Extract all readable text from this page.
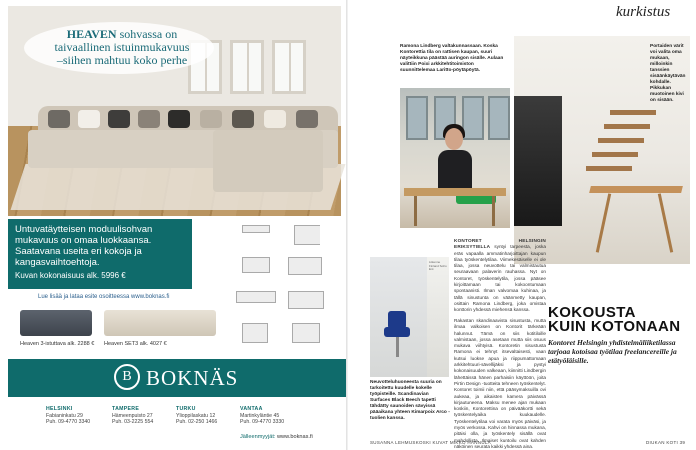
HEAVEN sohvassa on
taivaallinen istuinmukavuus
–siihen mahtuu koko perhe

Untuvatäytteisen moduulisohvan mukavuus on omaa luokkaansa. Saatavana useita eri kokoja ja kangasvaihtoehtoja.

Kuvan kokonaisuus alk. 5996 €

Lue lisää ja lataa esite osoitteessa www.boknas.fi
Heaven 3-istuttava alk. 2288 € Heaven SET3 alk. 4027 €
B BOKNÄS
HELSINKI
Fabianinkatu 29
Puh. 09-4770 3340
TAMPERE
Hämeenpuisto 27
Puh. 03-2225 554
TURKU
Ylioppilaskatu 12
Puh. 02-250 1466
VANTAA
Martinkyläntie 45
Puh. 09-4770 3330
Jälleenmyyjät: www.boknas.fi
kurkistus
Ramona Lindberg valtakunnassaan. Koska Kontorettia tila on rattisen kaupan, suuri näyteikkuna päästää auringon sisälle. Aulaan valittiin Poixi arkkitehtitoimiston suunnittelemaa Laritto-pöytäpöytä.
Portaiden värit voi valita oma mukaan, milloinkin tanssien sisäänkäytävän kohdalle. Pikkukan muotoinen kivi on sisään.
Liikenne Finland SoFo Ent
Neuvotteluhuoneesta suuria on tarkoitettu kuudelle kokelle työpisteille. Scandinavian Surfaces Black Beech tapetti tähdätty saunoiden sävyissä pääaikana yhteen Kimarpoix Arco -tuolien kanssa.
KONTORET HELSINGIN ERIKSYTIELLA syntyi tarpeesta, joska eräs vapaalla ammatinharjoittajan kaupun tilaa työskentelytilaa. Viimekesäiselle ei ole tilaa, jossa neuvottelu tai valmistautua seuraavaan palaverin rauhassa. Nyt on Kontoret, työskentelytila, jossa pääsee kirjoittamaan tai kokoontumaan spontaanisti. Ilman valvomaa kuhinaa, ja tällä sinustunta on väänmetty kaupan, osittain Ramona Lindberg, joka omistaa konttorin yhdessä miehensä kanssa.
Rakastan skandinaavista sisustusta, mutta ilmaa valkoisen on Kontorit tärkeään halunnut. Tämä on siis kotitiloille valmistaan, jossa asetaan mutta siis osuus mukava viihtyisä. Kontoretin sisustusta Ramona ei tehnyt itsevaltaisesti, vaan kutsui luokse apua ja riippumattomaan arkkitehtuuri-sävellijäksi ja pystyi kokonaisuuden valkeaan, kiinnitti Lindbergin lähettäissä hänen parhaisiin käyttöön, joita Pirtin Design -tuotteita tehneen työskentelyt. Kontoret toimii niin, että pääsymaksuilla ovi aukeaa, ja aikaisten kamera päivässä kirjautuneena. Maksu menee ajan mukaan koskiin, Kontorettina on päivääkortti sekä työskentelyaika kuukaudelle. Työskentelytilaa voi varata myös päiväsi, ja myös verkossa. Kahvi on hinnassa mukana, pitäisi olla, ja työskentely sisällä ovat mahdollista. Ilmaiset kuntoilu ovat kahden näköinen seurata kaikki yhdessä aina.
KOKOUSTA
KUIN KOTONAAN
Kontoret Helsingin yhdistelmäliiketilassa tarjoaa kotoisaa työtilaa freelancereille ja etätyöläisille.
SUSANNA LEHMUSKOSKI KUVAT MIKKO HANNULA	DIUKAN KOTI 39
